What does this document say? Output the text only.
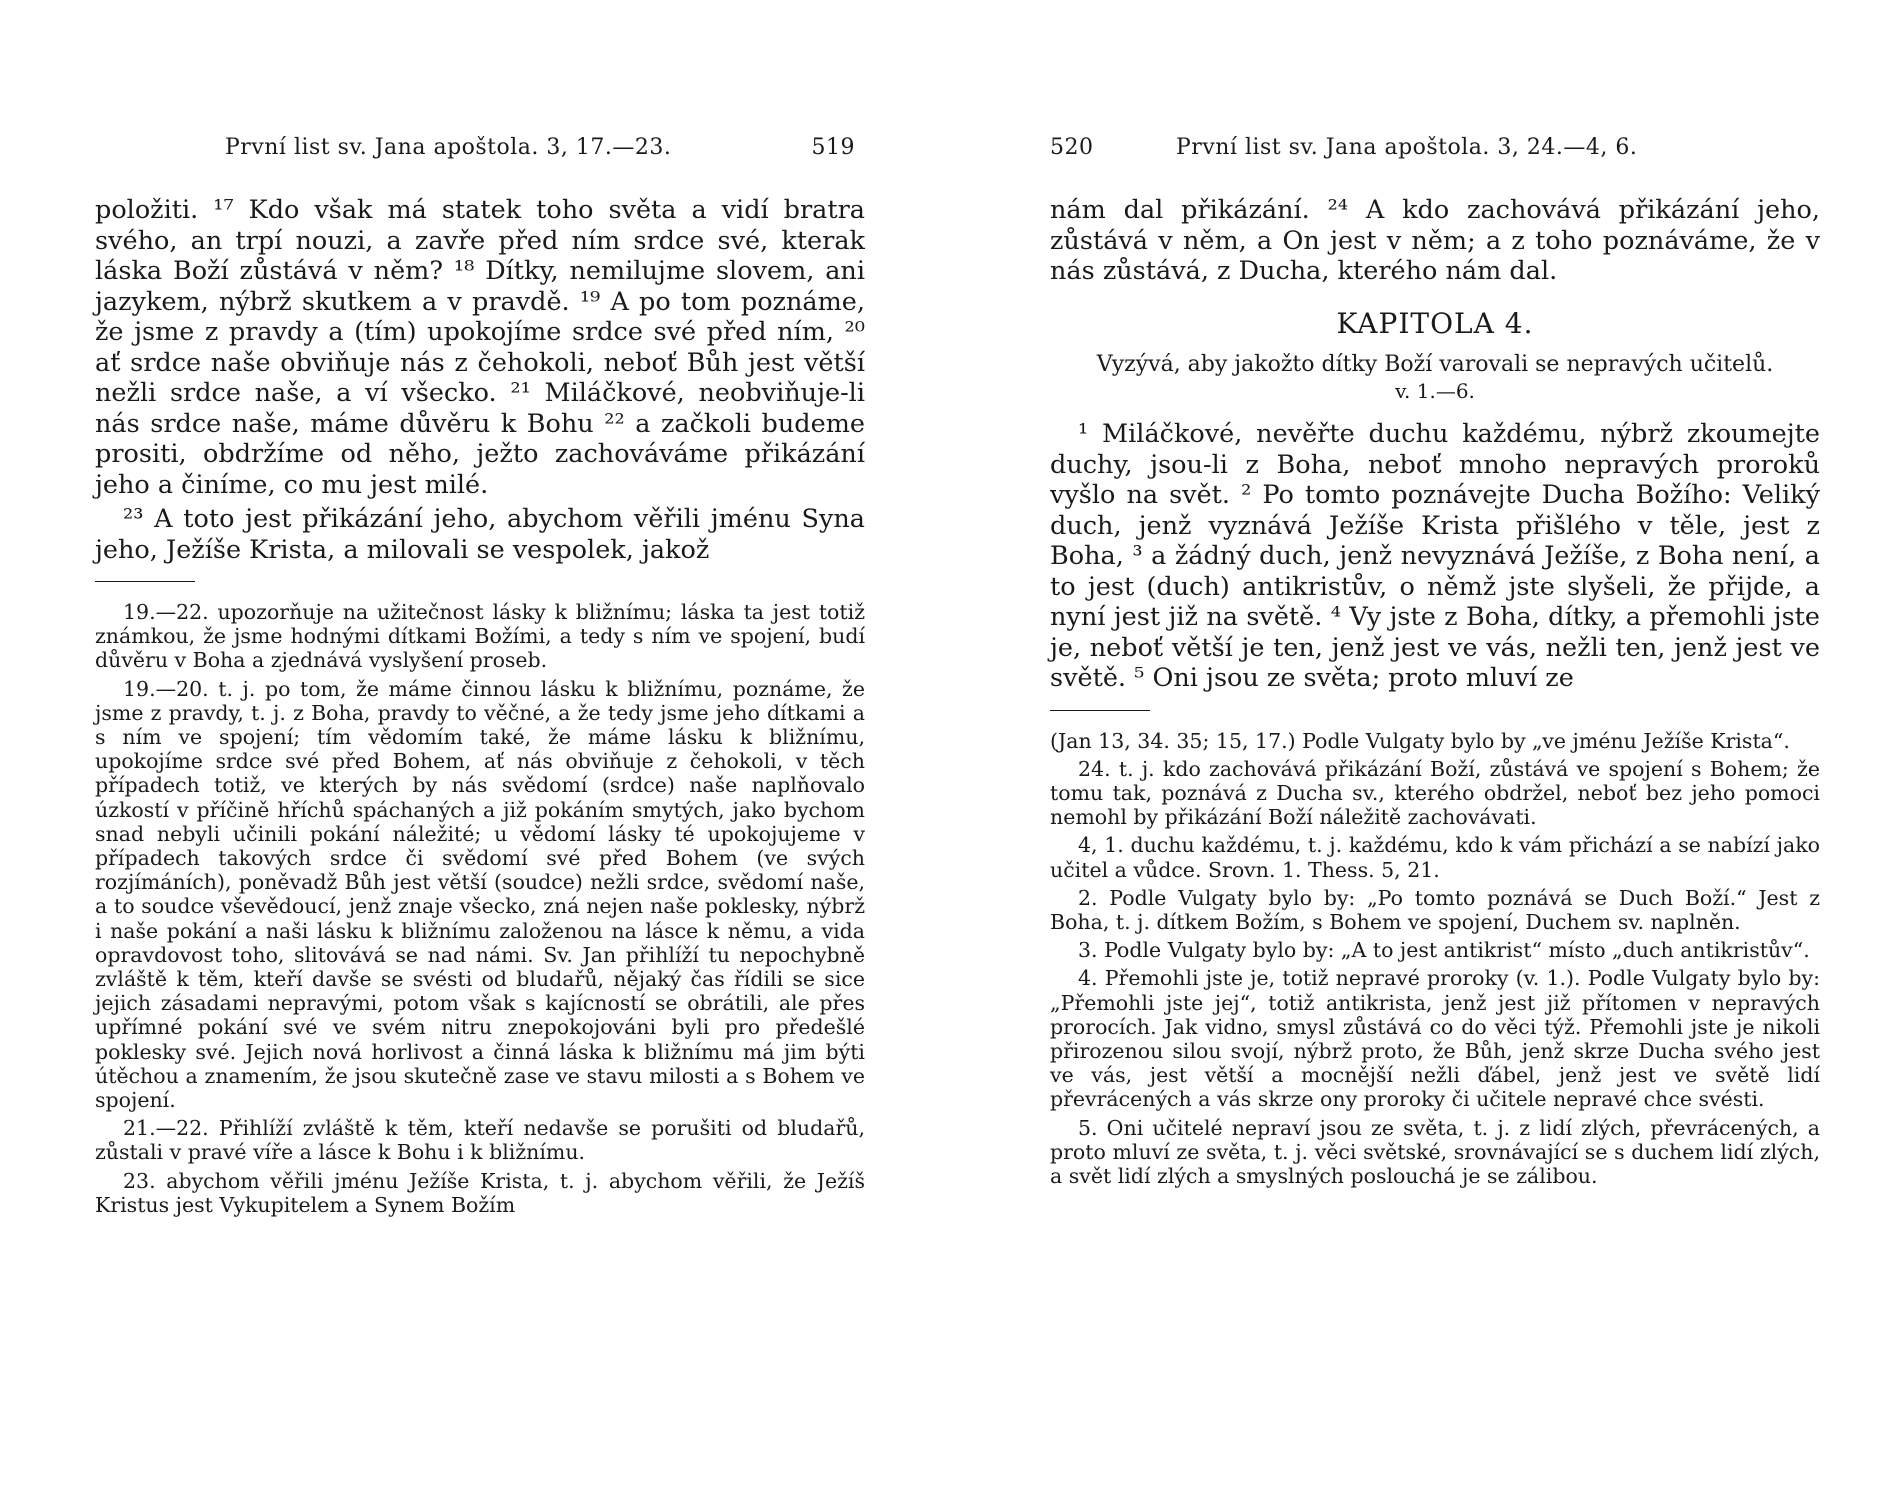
První list sv. Jana apoštola. 3, 17.—23.	519

položiti. ¹⁷ Kdo však má statek toho světa a vidí bratra svého, an trpí nouzi, a zavře před ním srdce své, kterak láska Boží zůstává v něm? ¹⁸ Dítky, nemilujme slovem, ani jazykem, nýbrž skutkem a v pravdě. ¹⁹ A po tom poznáme, že jsme z pravdy a (tím) upokojíme srdce své před ním, ²⁰ ať srdce naše obviňuje nás z čehokoli, neboť Bůh jest větší nežli srdce naše, a ví všecko. ²¹ Miláčkové, neobviňuje-li nás srdce naše, máme důvěru k Bohu ²² a začkoli budeme prositi, obdržíme od něho, ježto zachováváme přikázání jeho a činíme, co mu jest milé.

²³ A toto jest přikázání jeho, abychom věřili jménu Syna jeho, Ježíše Krista, a milovali se vespolek, jakož

19.—22. upozorňuje na užitečnost lásky k bližnímu; láska ta jest totiž známkou, že jsme hodnými dítkami Božími, a tedy s ním ve spojení, budí důvěru v Boha a zjednává vyslyšení proseb.

19.—20. t. j. po tom, že máme činnou lásku k bližnímu, poznáme, že jsme z pravdy, t. j. z Boha, pravdy to věčné, a že tedy jsme jeho dítkami a s ním ve spojení; tím vědomím také, že máme lásku k bližnímu, upokojíme srdce své před Bohem, ať nás obviňuje z čehokoli, v těch případech totiž, ve kterých by nás svědomí (srdce) naše naplňovalo úzkostí v příčině hříchů spáchaných a již pokáním smytých, jako bychom snad nebyli učinili pokání náležité; u vědomí lásky té upokojujeme v případech takových srdce či svědomí své před Bohem (ve svých rozjímáních), poněvadž Bůh jest větší (soudce) nežli srdce, svědomí naše, a to soudce vševědoucí, jenž znaje všecko, zná nejen naše poklesky, nýbrž i naše pokání a naši lásku k bližnímu založenou na lásce k němu, a vida opravdovost toho, slitovává se nad námi. Sv. Jan přihlíží tu nepochybně zvláště k těm, kteří davše se svésti od bludařů, nějaký čas řídili se sice jejich zásadami nepravými, potom však s kajícností se obrátili, ale přes upřímné pokání své ve svém nitru znepokojováni byli pro předešlé poklesky své. Jejich nová horlivost a činná láska k bližnímu má jim býti útěchou a znamením, že jsou skutečně zase ve stavu milosti a s Bohem ve spojení.

21.—22. Přihlíží zvláště k těm, kteří nedavše se porušiti od bludařů, zůstali v pravé víře a lásce k Bohu i k bližnímu.

23. abychom věřili jménu Ježíše Krista, t. j. abychom věřili, že Ježíš Kristus jest Vykupitelem a Synem Božím

520	První list sv. Jana apoštola. 3, 24.—4, 6.

nám dal přikázání. ²⁴ A kdo zachovává přikázání jeho, zůstává v něm, a On jest v něm; a z toho poznáváme, že v nás zůstává, z Ducha, kterého nám dal.

KAPITOLA 4.
Vyzývá, aby jakožto dítky Boží varovali se nepravých učitelů.
v. 1.—6.

¹ Miláčkové, nevěřte duchu každému, nýbrž zkoumejte duchy, jsou-li z Boha, neboť mnoho nepravých proroků vyšlo na svět. ² Po tomto poznávejte Ducha Božího: Veliký duch, jenž vyznává Ježíše Krista přišlého v těle, jest z Boha, ³ a žádný duch, jenž nevyznává Ježíše, z Boha není, a to jest (duch) antikristův, o němž jste slyšeli, že přijde, a nyní jest již na světě. ⁴ Vy jste z Boha, dítky, a přemohli jste je, neboť větší je ten, jenž jest ve vás, nežli ten, jenž jest ve světě. ⁵ Oni jsou ze světa; proto mluví ze

(Jan 13, 34. 35; 15, 17.) Podle Vulgaty bylo by „ve jménu Ježíše Krista“.

24. t. j. kdo zachovává přikázání Boží, zůstává ve spojení s Bohem; že tomu tak, poznává z Ducha sv., kterého obdržel, neboť bez jeho pomoci nemohl by přikázání Boží náležitě zachovávati.

4, 1. duchu každému, t. j. každému, kdo k vám přichází a se nabízí jako učitel a vůdce. Srovn. 1. Thess. 5, 21.

2. Podle Vulgaty bylo by: „Po tomto poznává se Duch Boží.“ Jest z Boha, t. j. dítkem Božím, s Bohem ve spojení, Duchem sv. naplněn.

3. Podle Vulgaty bylo by: „A to jest antikrist“ místo „duch antikristův“.

4. Přemohli jste je, totiž nepravé proroky (v. 1.). Podle Vulgaty bylo by: „Přemohli jste jej“, totiž antikrista, jenž jest již přítomen v nepravých prorocích. Jak vidno, smysl zůstává co do věci týž. Přemohli jste je nikoli přirozenou silou svojí, nýbrž proto, že Bůh, jenž skrze Ducha svého jest ve vás, jest větší a mocnější nežli ďábel, jenž jest ve světě lidí převrácených a vás skrze ony proroky či učitele nepravé chce svésti.

5. Oni učitelé nepraví jsou ze světa, t. j. z lidí zlých, převrácených, a proto mluví ze světa, t. j. věci světské, srovnávající se s duchem lidí zlých, a svět lidí zlých a smyslných poslouchá je se zálibou.
